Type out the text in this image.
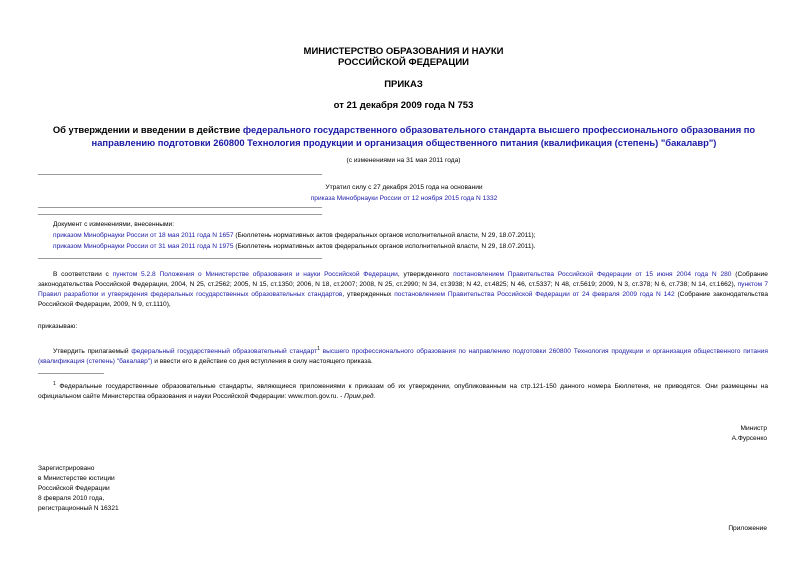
МИНИСТЕРСТВО ОБРАЗОВАНИЯ И НАУКИ
РОССИЙСКОЙ ФЕДЕРАЦИИ
ПРИКАЗ
от 21 декабря 2009 года N 753
Об утверждении и введении в действие федерального государственного образовательного стандарта высшего профессионального образования по направлению подготовки 260800 Технология продукции и организация общественного питания (квалификация (степень) "бакалавр")
(с изменениями на 31 мая 2011 года)
Утратил силу с 27 декабря 2015 года на основании
приказа Минобрнауки России от 12 ноября 2015 года N 1332
Документ с изменениями, внесенными:
приказом Минобрнауки России от 18 мая 2011 года N 1657 (Бюллетень нормативных актов федеральных органов исполнительной власти, N 29, 18.07.2011);
приказом Минобрнауки России от 31 мая 2011 года N 1975 (Бюллетень нормативных актов федеральных органов исполнительной власти, N 29, 18.07.2011).
В соответствии с пунктом 5.2.8 Положения о Министерстве образования и науки Российской Федерации, утвержденного постановлением Правительства Российской Федерации от 15 июня 2004 года N 280 (Собрание законодательства Российской Федерации, 2004, N 25, ст.2562; 2005, N 15, ст.1350; 2006, N 18, ст.2007; 2008, N 25, ст.2990; N 34, ст.3938; N 42, ст.4825; N 46, ст.5337; N 48, ст.5619; 2009, N 3, ст.378; N 6, ст.738; N 14, ст.1662), пунктом 7 Правил разработки и утверждения федеральных государственных образовательных стандартов, утвержденных постановлением Правительства Российской Федерации от 24 февраля 2009 года N 142 (Собрание законодательства Российской Федерации, 2009, N 9, ст.1110),
приказываю:
Утвердить прилагаемый федеральный государственный образовательный стандарт$^1$ высшего профессионального образования по направлению подготовки 260800 Технология продукции и организация общественного питания (квалификация (степень) "бакалавр") и ввести его в действие со дня вступления в силу настоящего приказа.
$^1$ Федеральные государственные образовательные стандарты, являющиеся приложениями к приказам об их утверждении, опубликованным на стр.121-150 данного номера Бюллетеня, не приводятся. Они размещены на официальном сайте Министерства образования и науки Российской Федерации: www.mon.gov.ru. - Прим.ред.
Министр
А.Фурсенко
Зарегистрировано
в Министерстве юстиции
Российской Федерации
8 февраля 2010 года,
регистрационный N 16321
Приложение
